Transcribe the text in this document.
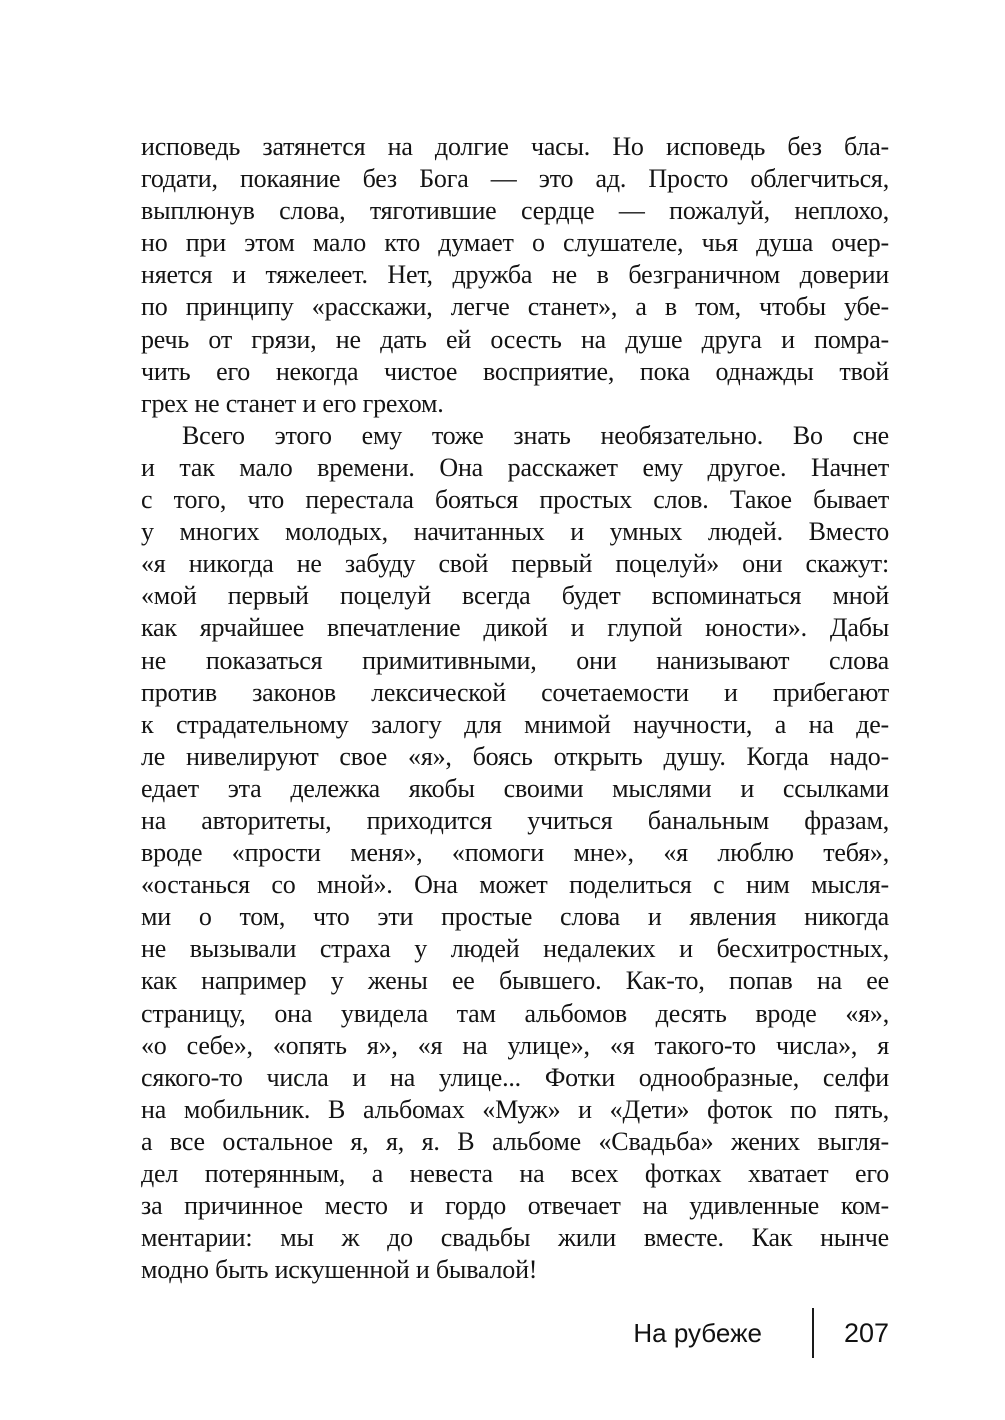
исповедь затянется на долгие часы. Но исповедь без бла-
годати, покаяние без Бога — это ад. Просто облегчиться,
выплюнув слова, тяготившие сердце — пожалуй, неплохо,
но при этом мало кто думает о слушателе, чья душа очер-
няется и тяжелеет. Нет, дружба не в безграничном доверии
по принципу «расскажи, легче станет», а в том, чтобы убе-
речь от грязи, не дать ей осесть на душе друга и помра-
чить его некогда чистое восприятие, пока однажды твой
грех не станет и его грехом.
Всего этого ему тоже знать необязательно. Во сне
и так мало времени. Она расскажет ему другое. Начнет
с того, что перестала бояться простых слов. Такое бывает
у многих молодых, начитанных и умных людей. Вместо
«я никогда не забуду свой первый поцелуй» они скажут:
«мой первый поцелуй всегда будет вспоминаться мной
как ярчайшее впечатление дикой и глупой юности». Дабы
не показаться примитивными, они нанизывают слова
против законов лексической сочетаемости и прибегают
к страдательному залогу для мнимой научности, а на де-
ле нивелируют свое «я», боясь открыть душу. Когда надо-
едает эта дележка якобы своими мыслями и ссылками
на авторитеты, приходится учиться банальным фразам,
вроде «прости меня», «помоги мне», «я люблю тебя»,
«останься со мной». Она может поделиться с ним мысля-
ми о том, что эти простые слова и явления никогда
не вызывали страха у людей недалеких и бесхитростных,
как например у жены ее бывшего. Как-то, попав на ее
страницу, она увидела там альбомов десять вроде «я»,
«о себе», «опять я», «я на улице», «я такого-то числа», я
сякого-то числа и на улице... Фотки однообразные, селфи
на мобильник. В альбомах «Муж» и «Дети» фоток по пять,
а все остальное я, я, я. В альбоме «Свадьба» жених выгля-
дел потерянным, а невеста на всех фотках хватает его
за причинное место и гордо отвечает на удивленные ком-
ментарии: мы ж до свадьбы жили вместе. Как нынче
модно быть искушенной и бывалой!
На рубеже	207
